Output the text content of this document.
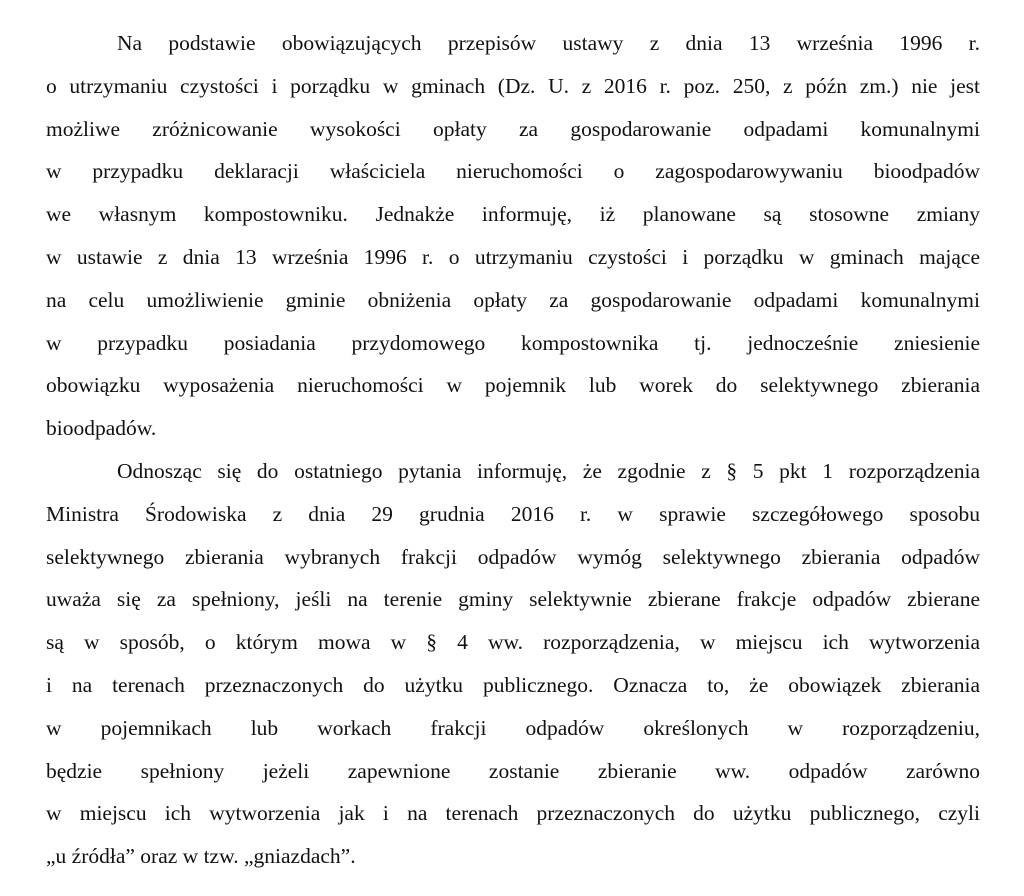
Na podstawie obowiązujących przepisów ustawy z dnia 13 września 1996 r.
o utrzymaniu czystości i porządku w gminach (Dz. U. z 2016 r. poz. 250, z późn zm.) nie jest
możliwe zróżnicowanie wysokości opłaty za gospodarowanie odpadami komunalnymi
w przypadku deklaracji właściciela nieruchomości o zagospodarowywaniu bioodpadów
we własnym kompostowniku. Jednakże informuję, iż planowane są stosowne zmiany
w ustawie z dnia 13 września 1996 r. o utrzymaniu czystości i porządku w gminach mające
na celu umożliwienie gminie obniżenia opłaty za gospodarowanie odpadami komunalnymi
w przypadku posiadania przydomowego kompostownika tj. jednocześnie zniesienie
obowiązku wyposażenia nieruchomości w pojemnik lub worek do selektywnego zbierania
bioodpadów.
Odnosząc się do ostatniego pytania informuję, że zgodnie z § 5 pkt 1 rozporządzenia
Ministra Środowiska z dnia 29 grudnia 2016 r. w sprawie szczegółowego sposobu
selektywnego zbierania wybranych frakcji odpadów wymóg selektywnego zbierania odpadów
uważa się za spełniony, jeśli na terenie gminy selektywnie zbierane frakcje odpadów zbierane
są w sposób, o którym mowa w § 4 ww. rozporządzenia, w miejscu ich wytworzenia
i na terenach przeznaczonych do użytku publicznego. Oznacza to, że obowiązek zbierania
w pojemnikach lub workach frakcji odpadów określonych w rozporządzeniu,
będzie spełniony jeżeli zapewnione zostanie zbieranie ww. odpadów zarówno
w miejscu ich wytworzenia jak i na terenach przeznaczonych do użytku publicznego, czyli
„u źródła” oraz w tzw. „gniazdach”.
